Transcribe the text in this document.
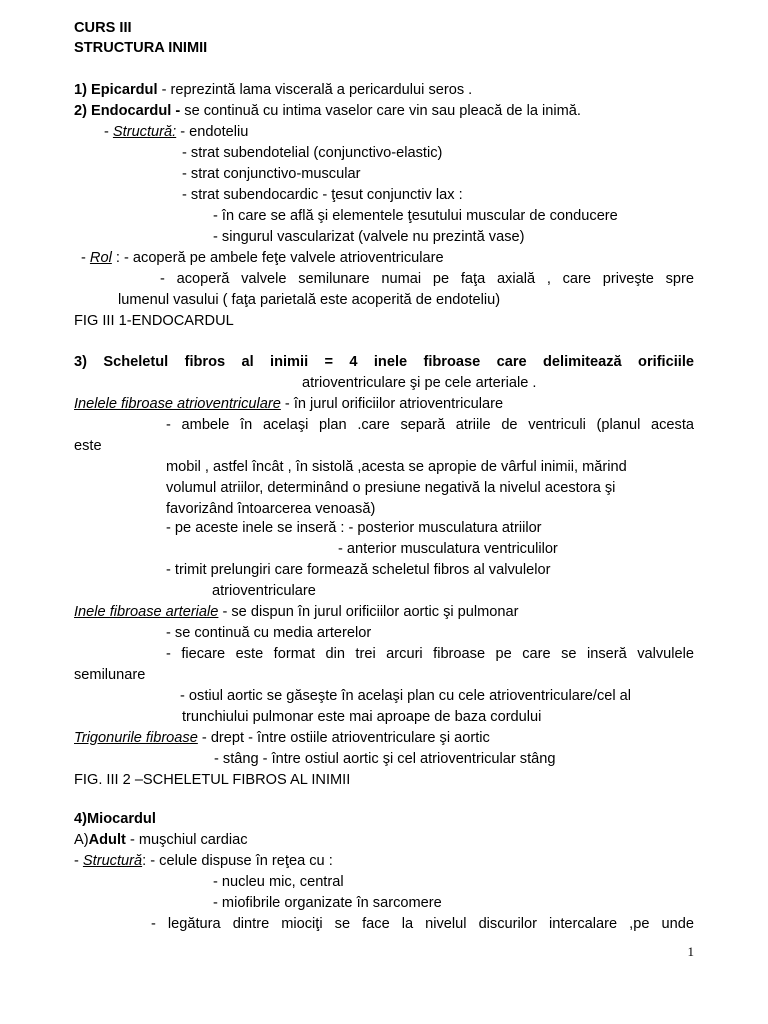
CURS III
STRUCTURA INIMII
1) Epicardul - reprezintă lama viscerală a pericardului seros .
2) Endocardul - se continuă cu intima vaselor care vin sau pleacă de la inimă.
- Structură: - endoteliu
- strat subendotelial (conjunctivo-elastic)
- strat conjunctivo-muscular
- strat subendocardic - ţesut conjunctiv lax :
- în care se află şi elementele ţesutului muscular de conducere
- singurul vascularizat (valvele nu prezintă vase)
- Rol : - acoperă pe ambele feţe valvele atrioventriculare
- acoperă valvele semilunare numai pe faţa axială , care priveşte spre
lumenul vasului ( faţa parietală este acoperită de endoteliu)
FIG III 1-ENDOCARDUL
3) Scheletul fibros al inimii = 4 inele fibroase care delimitează orificiile
atrioventriculare şi pe cele arteriale .
Inelele fibroase atrioventriculare - în jurul orificiilor atrioventriculare
- ambele în acelaşi plan .care separă atriile de ventriculi (planul acesta
este
mobil , astfel încât , în sistolă ,acesta se apropie de vârful inimii, mărind
volumul atriilor, determinând o presiune negativă la nivelul acestora şi
favorizând întoarcerea venoasă)
- pe aceste inele se inseră : - posterior musculatura atriilor
- anterior musculatura ventriculilor
- trimit prelungiri care formează scheletul fibros al valvulelor
atrioventriculare
Inele fibroase arteriale - se dispun în jurul orificiilor aortic şi pulmonar
- se continuă cu media arterelor
- fiecare este format din trei arcuri fibroase pe care se inseră valvulele
semilunare
- ostiul aortic se găseşte în acelaşi plan cu cele atrioventriculare/cel al
trunchiului pulmonar este mai aproape de baza cordului
Trigonurile fibroase - drept - între ostiile atrioventriculare şi aortic
- stâng - între ostiul aortic şi cel atrioventricular stâng
FIG. III 2 –SCHELETUL FIBROS AL INIMII
4)Miocardul
A)Adult - muşchiul cardiac
- Structură: - celule dispuse în reţea cu :
- nucleu mic, central
- miofibrile organizate în sarcomere
- legătura dintre miociţi se face la nivelul discurilor intercalare ,pe unde
1
